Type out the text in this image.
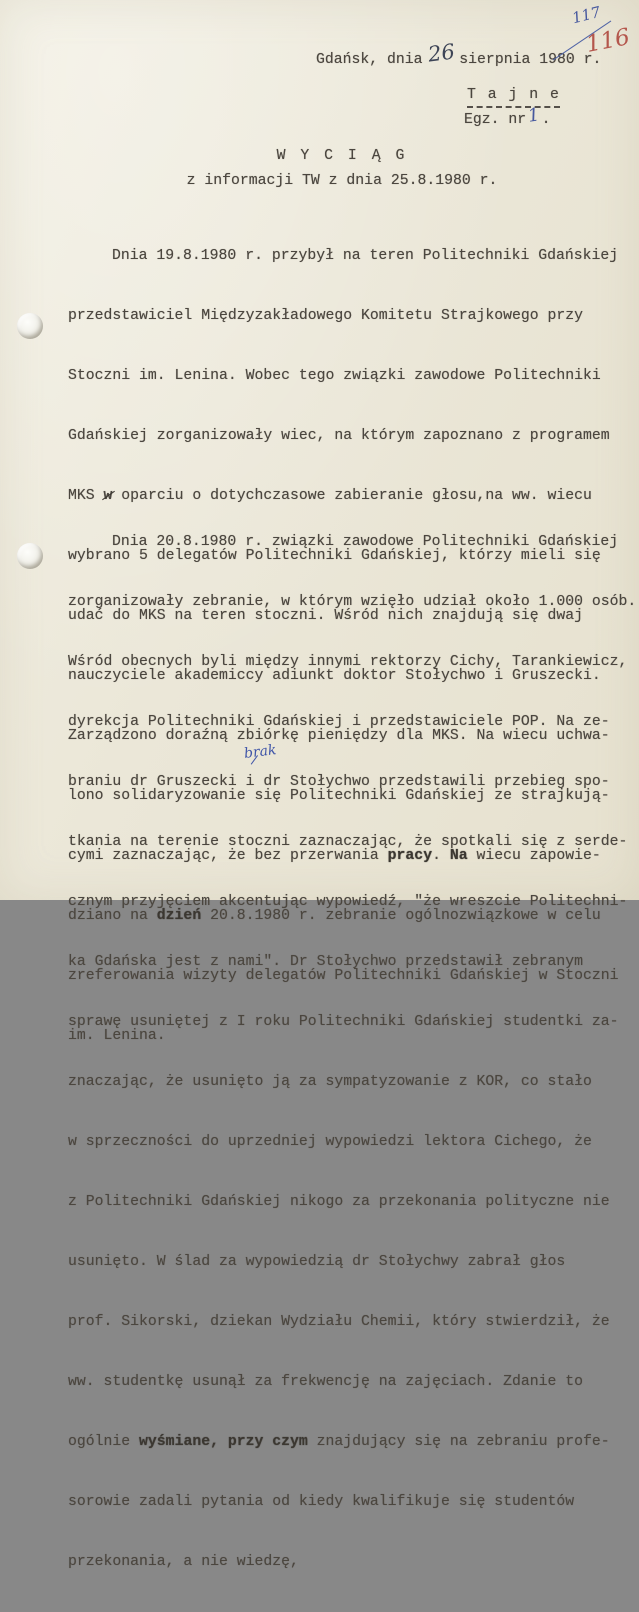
Gdańsk, dnia 26 sierpnia 1980 r.
117
116
T a j n e
Egz. nr1.
W Y C I Ą G
z informacji TW z dnia 25.8.1980 r.

Dnia 19.8.1980 r. przybył na teren Politechniki Gdańskiej

przedstawiciel Międzyzakładowego Komitetu Strajkowego przy

Stoczni im. Lenina. Wobec tego związki zawodowe Politechniki

Gdańskiej zorganizowały wiec, na którym zapoznano z programem

MKS w oparciu o dotychczasowe zabieranie głosu,na ww. wiecu

wybrano 5 delegatów Politechniki Gdańskiej, którzy mieli się

udać do MKS na teren stoczni. Wśród nich znajdują się dwaj

nauczyciele akademiccy adiunkt doktor Stołychwo i Gruszecki.

Zarządzono doraźną zbiórkę pieniędzy dla MKS. Na wiecu uchwa-

lono solidaryzowanie się Politechniki Gdańskiej ze strajkują-

cymi zaznaczając, że bez przerwania pracy. Na wiecu zapowie-

dziano na dzień 20.8.1980 r. zebranie ogólnozwiązkowe w celu

zreferowania wizyty delegatów Politechniki Gdańskiej w Stoczni

im. Lenina.

Dnia 20.8.1980 r. związki zawodowe Politechniki Gdańskiej

zorganizowały zebranie, w którym wzięło udział około 1.000 osób.

Wśród obecnych byli między innymi rektorzy Cichy, Tarankiewicz,

dyrekcja Politechniki Gdańskiej i przedstawiciele POP. Na ze-

braniu dr Gruszecki i dr Stołychwo przedstawili przebieg spo-

tkania na terenie stoczni zaznaczając, że spotkali się z serde-

cznym przyjęciem akcentując wypowiedź, "że wreszcie Politechni-

ka Gdańska jest z nami". Dr Stołychwo przedstawił zebranym

sprawę usuniętej z I roku Politechniki Gdańskiej studentki za-

znaczając, że usunięto ją za sympatyzowanie z KOR, co stało

w sprzeczności do uprzedniej wypowiedzi lektora Cichego, że

z Politechniki Gdańskiej nikogo za przekonania polityczne nie

usunięto. W ślad za wypowiedzią dr Stołychwy zabrał głos

prof. Sikorski, dziekan Wydziału Chemii, który stwierdził, że

ww. studentkę usunął za frekwencję na zajęciach. Zdanie to

ogólnie wyśmiane, przy czym znajdujący się na zebraniu profe-

sorowie zadali pytania od kiedy kwalifikuje się studentów

przekonania, a nie wiedzę,

brak
